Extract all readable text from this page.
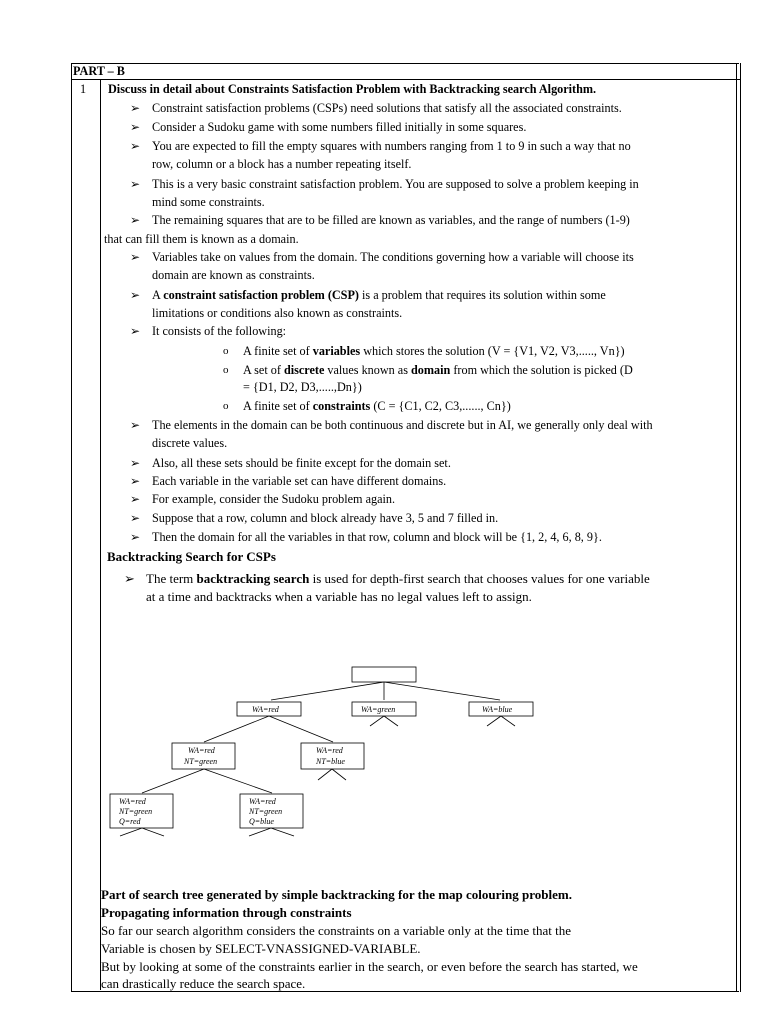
PART – B
1 Discuss in detail about Constraints Satisfaction Problem with Backtracking search Algorithm.
➢ Constraint satisfaction problems (CSPs) need solutions that satisfy all the associated constraints.
➢ Consider a Sudoku game with some numbers filled initially in some squares.
➢ You are expected to fill the empty squares with numbers ranging from 1 to 9 in such a way that no
row, column or a block has a number repeating itself.
➢ This is a very basic constraint satisfaction problem. You are supposed to solve a problem keeping in
mind some constraints.
➢ The remaining squares that are to be filled are known as variables, and the range of numbers (1-9)
that can fill them is known as a domain.
➢ Variables take on values from the domain. The conditions governing how a variable will choose its
domain are known as constraints.
➢ A constraint satisfaction problem (CSP) is a problem that requires its solution within some
limitations or conditions also known as constraints.
➢ It consists of the following:
o A finite set of variables which stores the solution (V = {V1, V2, V3,....., Vn})
o A set of discrete values known as domain from which the solution is picked (D
= {D1, D2, D3,.....,Dn})
o A finite set of constraints (C = {C1, C2, C3,......, Cn})
➢ The elements in the domain can be both continuous and discrete but in AI, we generally only deal with
discrete values.
➢ Also, all these sets should be finite except for the domain set.
➢ Each variable in the variable set can have different domains.
➢ For example, consider the Sudoku problem again.
➢ Suppose that a row, column and block already have 3, 5 and 7 filled in.
➢ Then the domain for all the variables in that row, column and block will be {1, 2, 4, 6, 8, 9}.
Backtracking Search for CSPs
➢ The term backtracking search is used for depth-first search that chooses values for one variable
at a time and backtracks when a variable has no legal values left to assign.
WA=red	WA=green	WA=blue
WA=red
NT=green
WA=red
NT=blue
WA=red
NT=green
Q=red
WA=red
NT=green
Q=blue
Part of search tree generated by simple backtracking for the map colouring problem.
Propagating information through constraints
So far our search algorithm considers the constraints on a variable only at the time that the
Variable is chosen by SELECT-VNASSIGNED-VARIABLE.
But by looking at some of the constraints earlier in the search, or even before the search has started, we
can drastically reduce the search space.
